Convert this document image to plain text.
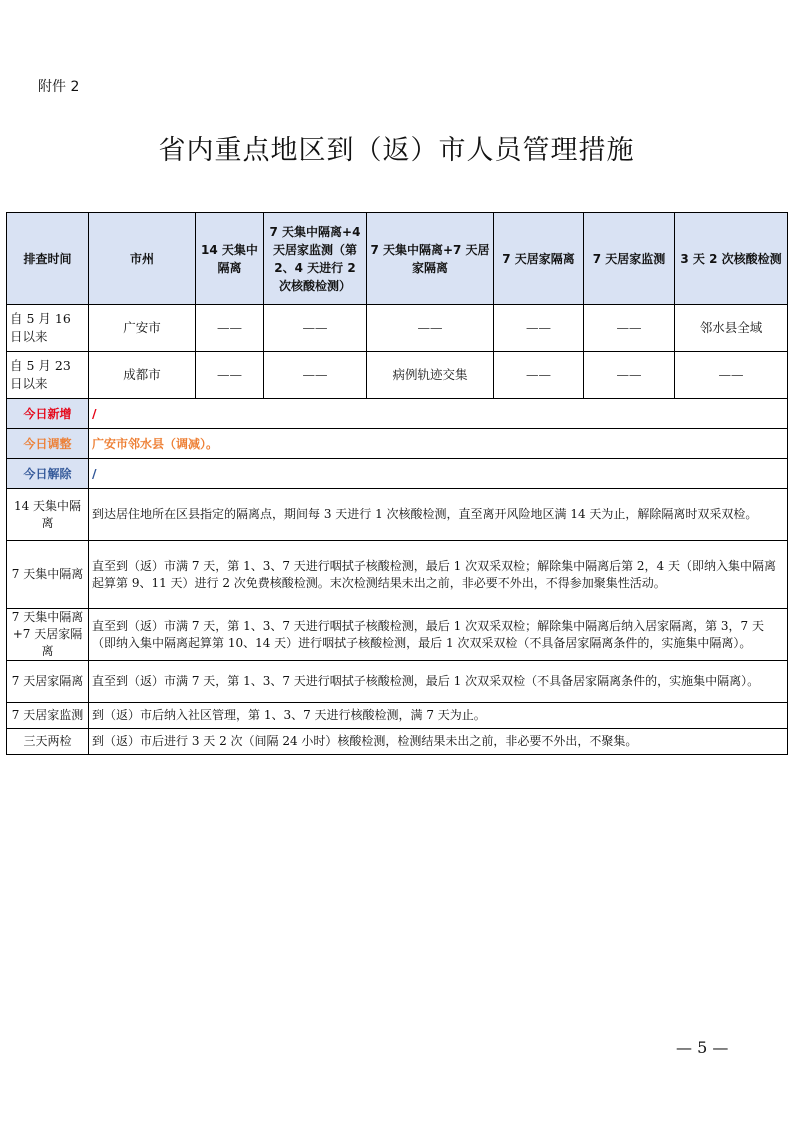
附件 2
省内重点地区到（返）市人员管理措施
排查时间	市州	14 天集中隔离	7 天集中隔离+4 天居家监测（第 2、4 天进行 2 次核酸检测）	7 天集中隔离+7 天居家隔离	7 天居家隔离	7 天居家监测	3 天 2 次核酸检测
自 5 月 16 日以来	广安市	——	——	——	——	——	邻水县全域
自 5 月 23 日以来	成都市	——	——	病例轨迹交集	——	——	——
今日新增	/						
今日调整	广安市邻水县（调减）。						
今日解除	/						
14 天集中隔离	到达居住地所在区县指定的隔离点，期间每 3 天进行 1 次核酸检测，直至离开风险地区满 14 天为止，解除隔离时双采双检。						
7 天集中隔离	直至到（返）市满 7 天，第 1、3、7 天进行咽拭子核酸检测，最后 1 次双采双检；解除集中隔离后第 2，4 天（即纳入集中隔离起算第 9、11 天）进行 2 次免费核酸检测。末次检测结果未出之前，非必要不外出，不得参加聚集性活动。						
7 天集中隔离+7 天居家隔离	直至到（返）市满 7 天，第 1、3、7 天进行咽拭子核酸检测，最后 1 次双采双检；解除集中隔离后纳入居家隔离，第 3，7 天（即纳入集中隔离起算第 10、14 天）进行咽拭子核酸检测，最后 1 次双采双检（不具备居家隔离条件的，实施集中隔离）。						
7 天居家隔离	直至到（返）市满 7 天，第 1、3、7 天进行咽拭子核酸检测，最后 1 次双采双检（不具备居家隔离条件的，实施集中隔离）。						
7 天居家监测	到（返）市后纳入社区管理，第 1、3、7 天进行核酸检测，满 7 天为止。						
三天两检	到（返）市后进行 3 天 2 次（间隔 24 小时）核酸检测，检测结果未出之前，非必要不外出，不聚集。						
— 5 —
